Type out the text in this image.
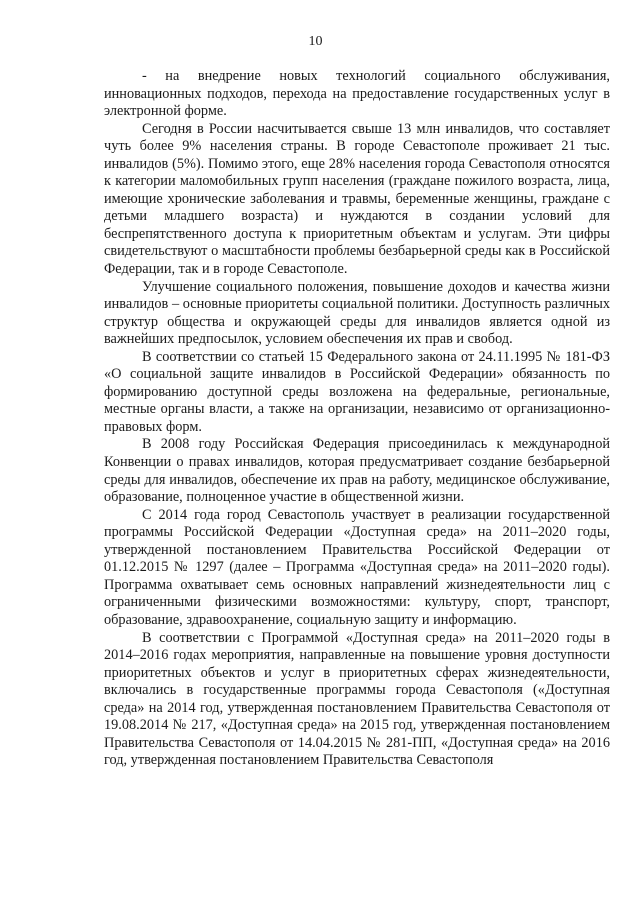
10

- на внедрение новых технологий социального обслуживания, инновационных подходов, перехода на предоставление государственных услуг в электронной форме.

Сегодня в России насчитывается свыше 13 млн инвалидов, что составляет чуть более 9% населения страны. В городе Севастополе проживает 21 тыс. инвалидов (5%). Помимо этого, еще 28% населения города Севастополя относятся к категории маломобильных групп населения (граждане пожилого возраста, лица, имеющие хронические заболевания и травмы, беременные женщины, граждане с детьми младшего возраста) и нуждаются в создании условий для беспрепятственного доступа к приоритетным объектам и услугам. Эти цифры свидетельствуют о масштабности проблемы безбарьерной среды как в Российской Федерации, так и в городе Севастополе.

Улучшение социального положения, повышение доходов и качества жизни инвалидов – основные приоритеты социальной политики. Доступность различных структур общества и окружающей среды для инвалидов является одной из важнейших предпосылок, условием обеспечения их прав и свобод.

В соответствии со статьей 15 Федерального закона от 24.11.1995 № 181-ФЗ «О социальной защите инвалидов в Российской Федерации» обязанность по формированию доступной среды возложена на федеральные, региональные, местные органы власти, а также на организации, независимо от организационно-правовых форм.

В 2008 году Российская Федерация присоединилась к международной Конвенции о правах инвалидов, которая предусматривает создание безбарьерной среды для инвалидов, обеспечение их прав на работу, медицинское обслуживание, образование, полноценное участие в общественной жизни.

С 2014 года город Севастополь участвует в реализации государственной программы Российской Федерации «Доступная среда» на 2011–2020 годы, утвержденной постановлением Правительства Российской Федерации от 01.12.2015 № 1297 (далее – Программа «Доступная среда» на 2011–2020 годы). Программа охватывает семь основных направлений жизнедеятельности лиц с ограниченными физическими возможностями: культуру, спорт, транспорт, образование, здравоохранение, социальную защиту и информацию.

В соответствии с Программой «Доступная среда» на 2011–2020 годы в 2014–2016 годах мероприятия, направленные на повышение уровня доступности приоритетных объектов и услуг в приоритетных сферах жизнедеятельности, включались в государственные программы города Севастополя («Доступная среда» на 2014 год, утвержденная постановлением Правительства Севастополя от 19.08.2014 № 217, «Доступная среда» на 2015 год, утвержденная постановлением Правительства Севастополя от 14.04.2015 № 281-ПП, «Доступная среда» на 2016 год, утвержденная постановлением Правительства Севастополя
